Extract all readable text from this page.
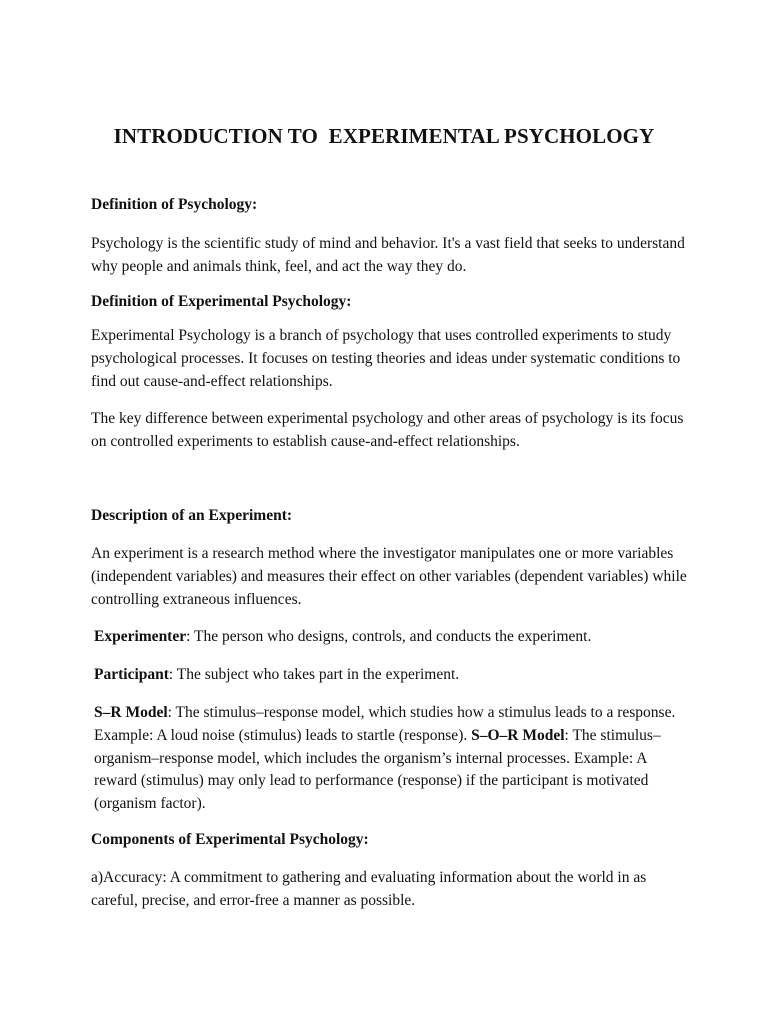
INTRODUCTION TO  EXPERIMENTAL PSYCHOLOGY
Definition of Psychology:

Psychology is the scientific study of mind and behavior. It's a vast field that seeks to understand why people and animals think, feel, and act the way they do.

Definition of Experimental Psychology:

Experimental Psychology is a branch of psychology that uses controlled experiments to study psychological processes. It focuses on testing theories and ideas under systematic conditions to find out cause-and-effect relationships.

The key difference between experimental psychology and other areas of psychology is its focus on controlled experiments to establish cause-and-effect relationships.

Description of an Experiment:

An experiment is a research method where the investigator manipulates one or more variables (independent variables) and measures their effect on other variables (dependent variables) while controlling extraneous influences.

Experimenter: The person who designs, controls, and conducts the experiment.

Participant: The subject who takes part in the experiment.

S–R Model: The stimulus–response model, which studies how a stimulus leads to a response. Example: A loud noise (stimulus) leads to startle (response). S–O–R Model: The stimulus–organism–response model, which includes the organism’s internal processes. Example: A reward (stimulus) may only lead to performance (response) if the participant is motivated (organism factor).

Components of Experimental Psychology:

a)Accuracy: A commitment to gathering and evaluating information about the world in as careful, precise, and error-free a manner as possible.
